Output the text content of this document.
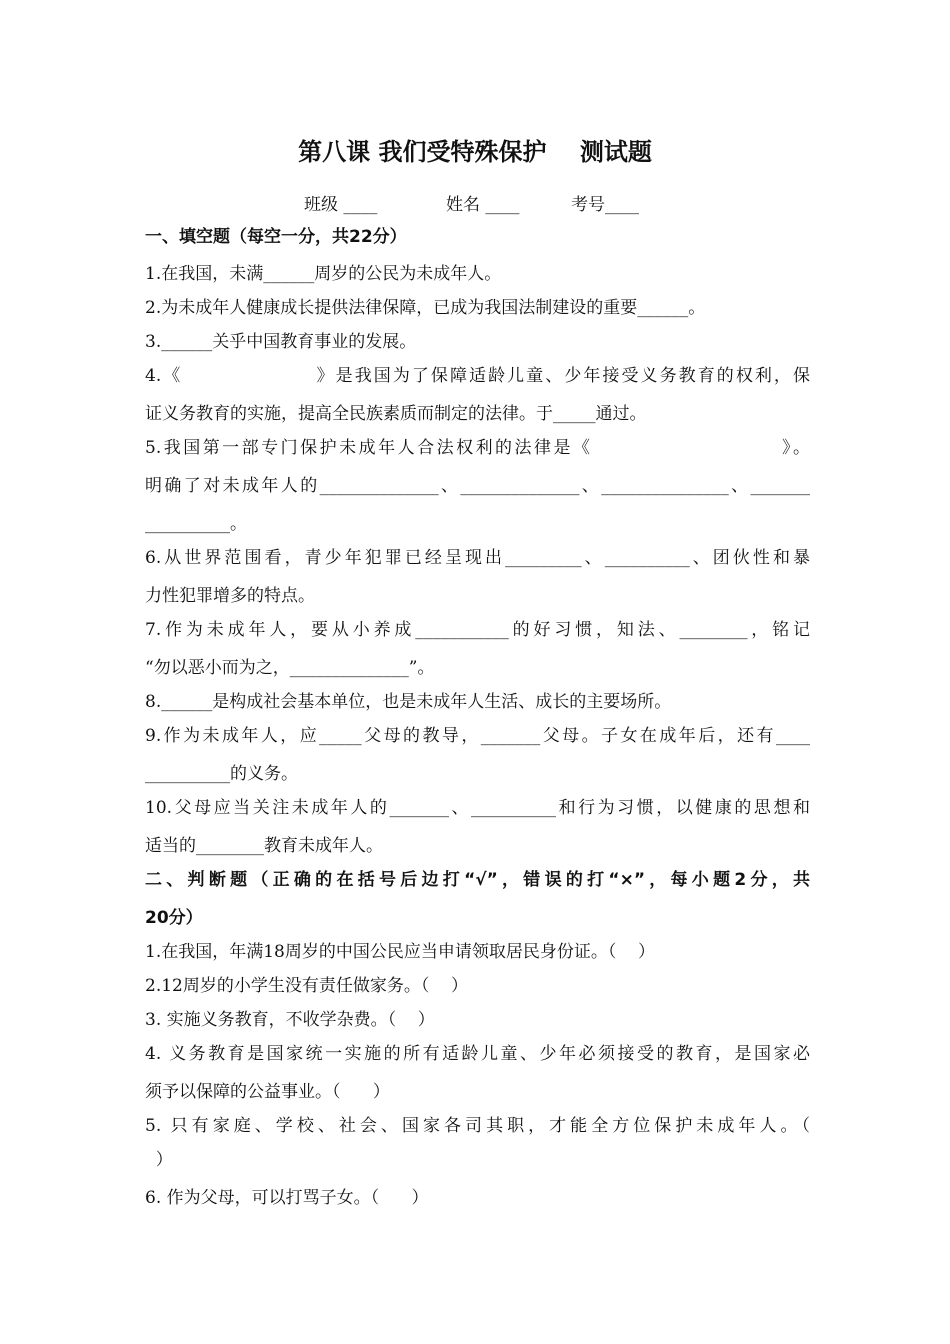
第八课 我们受特殊保护    测试题

班级 ____

	姓名 ____

	考号____

一、填空题（每空一分，共22分）
1.在我国，未满______周岁的公民为未成年人。
2.为未成年人健康成长提供法律保障，已成为我国法制建设的重要______。
3.______关乎中国教育事业的发展。
4.《                  》是我国为了保障适龄儿童、少年接受义务教育的权利，保
证义务教育的实施，提高全民族素质而制定的法律。于_____通过。
5.我国第一部专门保护未成年人合法权利的法律是《                        》。
明确了对未成年人的______________、______________、_______________、_______
__________。
6.从世界范围看，青少年犯罪已经呈现出_________、__________、团伙性和暴
力性犯罪增多的特点。
7.作为未成年人，要从小养成___________的好习惯，知法、________，铭记
“勿以恶小而为之，______________”。
8.______是构成社会基本单位，也是未成年人生活、成长的主要场所。
9.作为未成年人，应_____父母的教导，_______父母。子女在成年后，还有____
__________的义务。
10.父母应当关注未成年人的_______、__________和行为习惯，以健康的思想和
适当的________教育未成年人。
二、判断题（正确的在括号后边打“√”，错误的打“×”，每小题2分，共
20分）
1.在我国，年满18周岁的中国公民应当申请领取居民身份证。（    ）
2.12周岁的小学生没有责任做家务。（    ）
3. 实施义务教育，不收学杂费。（    ）
4. 义务教育是国家统一实施的所有适龄儿童、少年必须接受的教育，是国家必
须予以保障的公益事业。（      ）
5. 只有家庭、学校、社会、国家各司其职，才能全方位保护未成年人。（
）
6. 作为父母，可以打骂子女。（      ）
